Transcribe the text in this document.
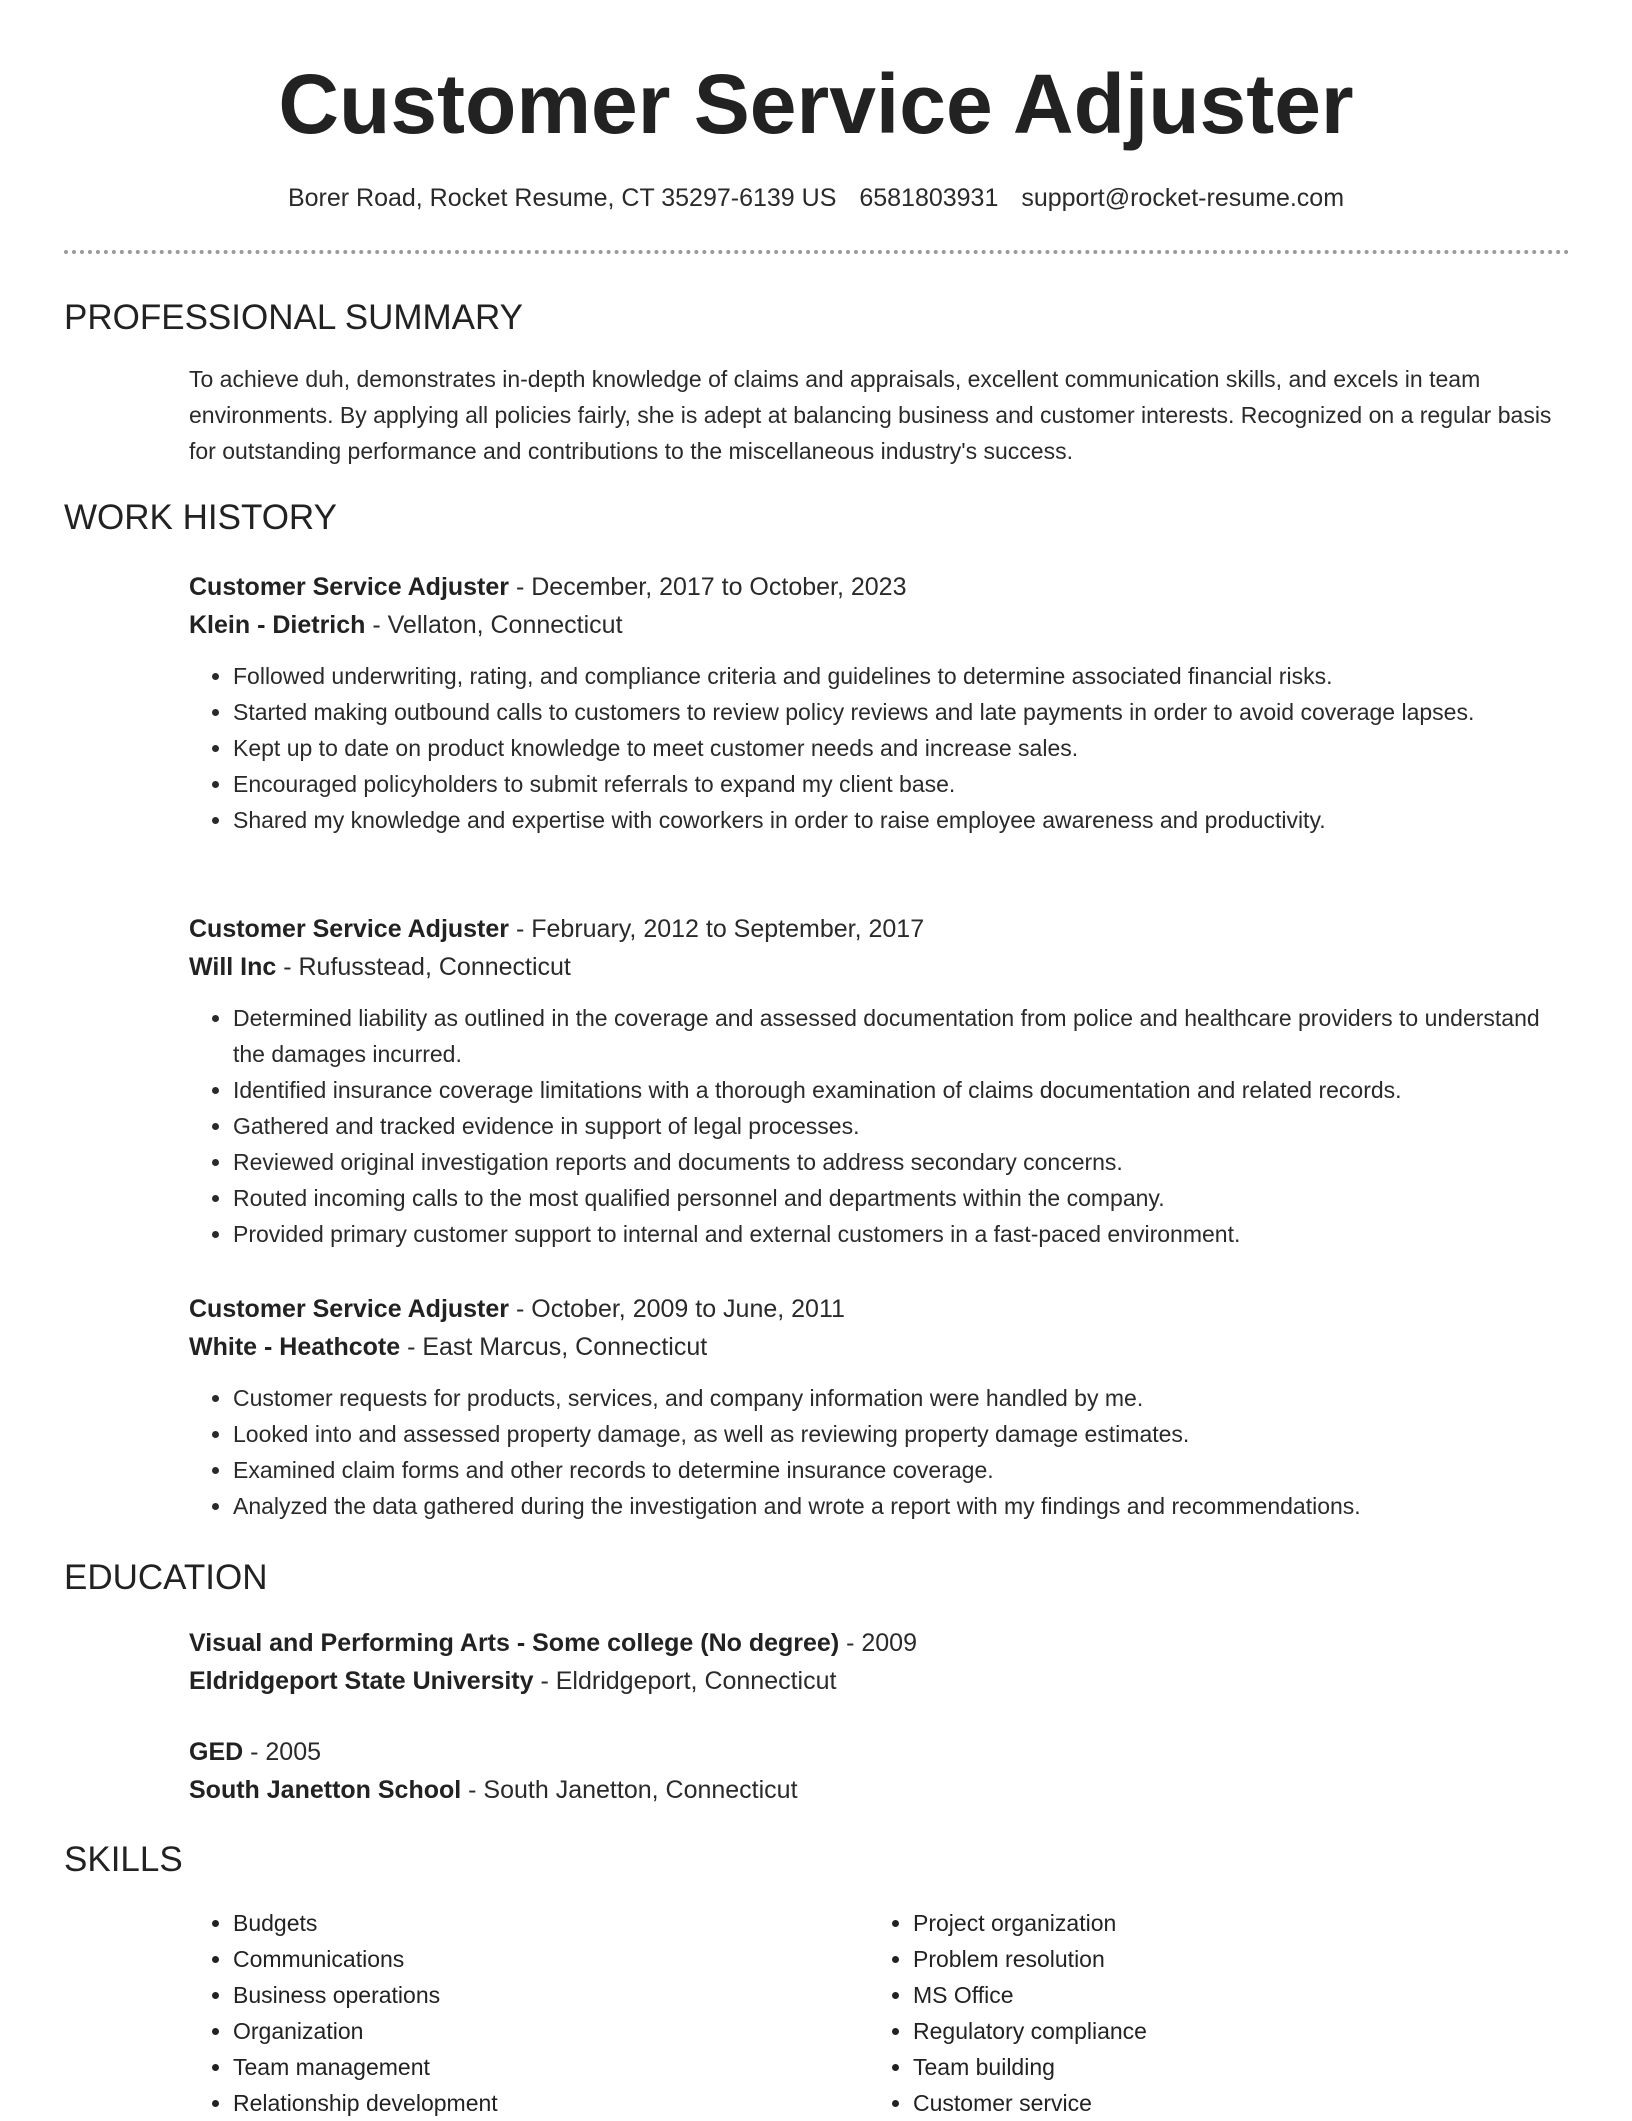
Customer Service Adjuster
Borer Road, Rocket Resume, CT 35297-6139 US 6581803931 support@rocket-resume.com
PROFESSIONAL SUMMARY

To achieve duh, demonstrates in-depth knowledge of claims and appraisals, excellent communication skills, and excels in team environments. By applying all policies fairly, she is adept at balancing business and customer interests. Recognized on a regular basis for outstanding performance and contributions to the miscellaneous industry's success.

WORK HISTORY

Customer Service Adjuster - December, 2017 to October, 2023

Klein - Dietrich - Vellaton, Connecticut

• Followed underwriting, rating, and compliance criteria and guidelines to determine associated financial risks.
• Started making outbound calls to customers to review policy reviews and late payments in order to avoid coverage lapses.
• Kept up to date on product knowledge to meet customer needs and increase sales.
• Encouraged policyholders to submit referrals to expand my client base.
• Shared my knowledge and expertise with coworkers in order to raise employee awareness and productivity.

Customer Service Adjuster - February, 2012 to September, 2017

Will Inc - Rufusstead, Connecticut

• Determined liability as outlined in the coverage and assessed documentation from police and healthcare providers to understand the damages incurred.
• Identified insurance coverage limitations with a thorough examination of claims documentation and related records.
• Gathered and tracked evidence in support of legal processes.
• Reviewed original investigation reports and documents to address secondary concerns.
• Routed incoming calls to the most qualified personnel and departments within the company.
• Provided primary customer support to internal and external customers in a fast-paced environment.

Customer Service Adjuster - October, 2009 to June, 2011

White - Heathcote - East Marcus, Connecticut

• Customer requests for products, services, and company information were handled by me.
• Looked into and assessed property damage, as well as reviewing property damage estimates.
• Examined claim forms and other records to determine insurance coverage.
• Analyzed the data gathered during the investigation and wrote a report with my findings and recommendations.
EDUCATION

Visual and Performing Arts - Some college (No degree) - 2009

Eldridgeport State University - Eldridgeport, Connecticut

GED - 2005

South Janetton School - South Janetton, Connecticut

SKILLS
• Budgets
• Communications
• Business operations
• Organization
• Team management
• Relationship development
• Project organization
• Problem resolution
• MS Office
• Regulatory compliance
• Team building
• Customer service
